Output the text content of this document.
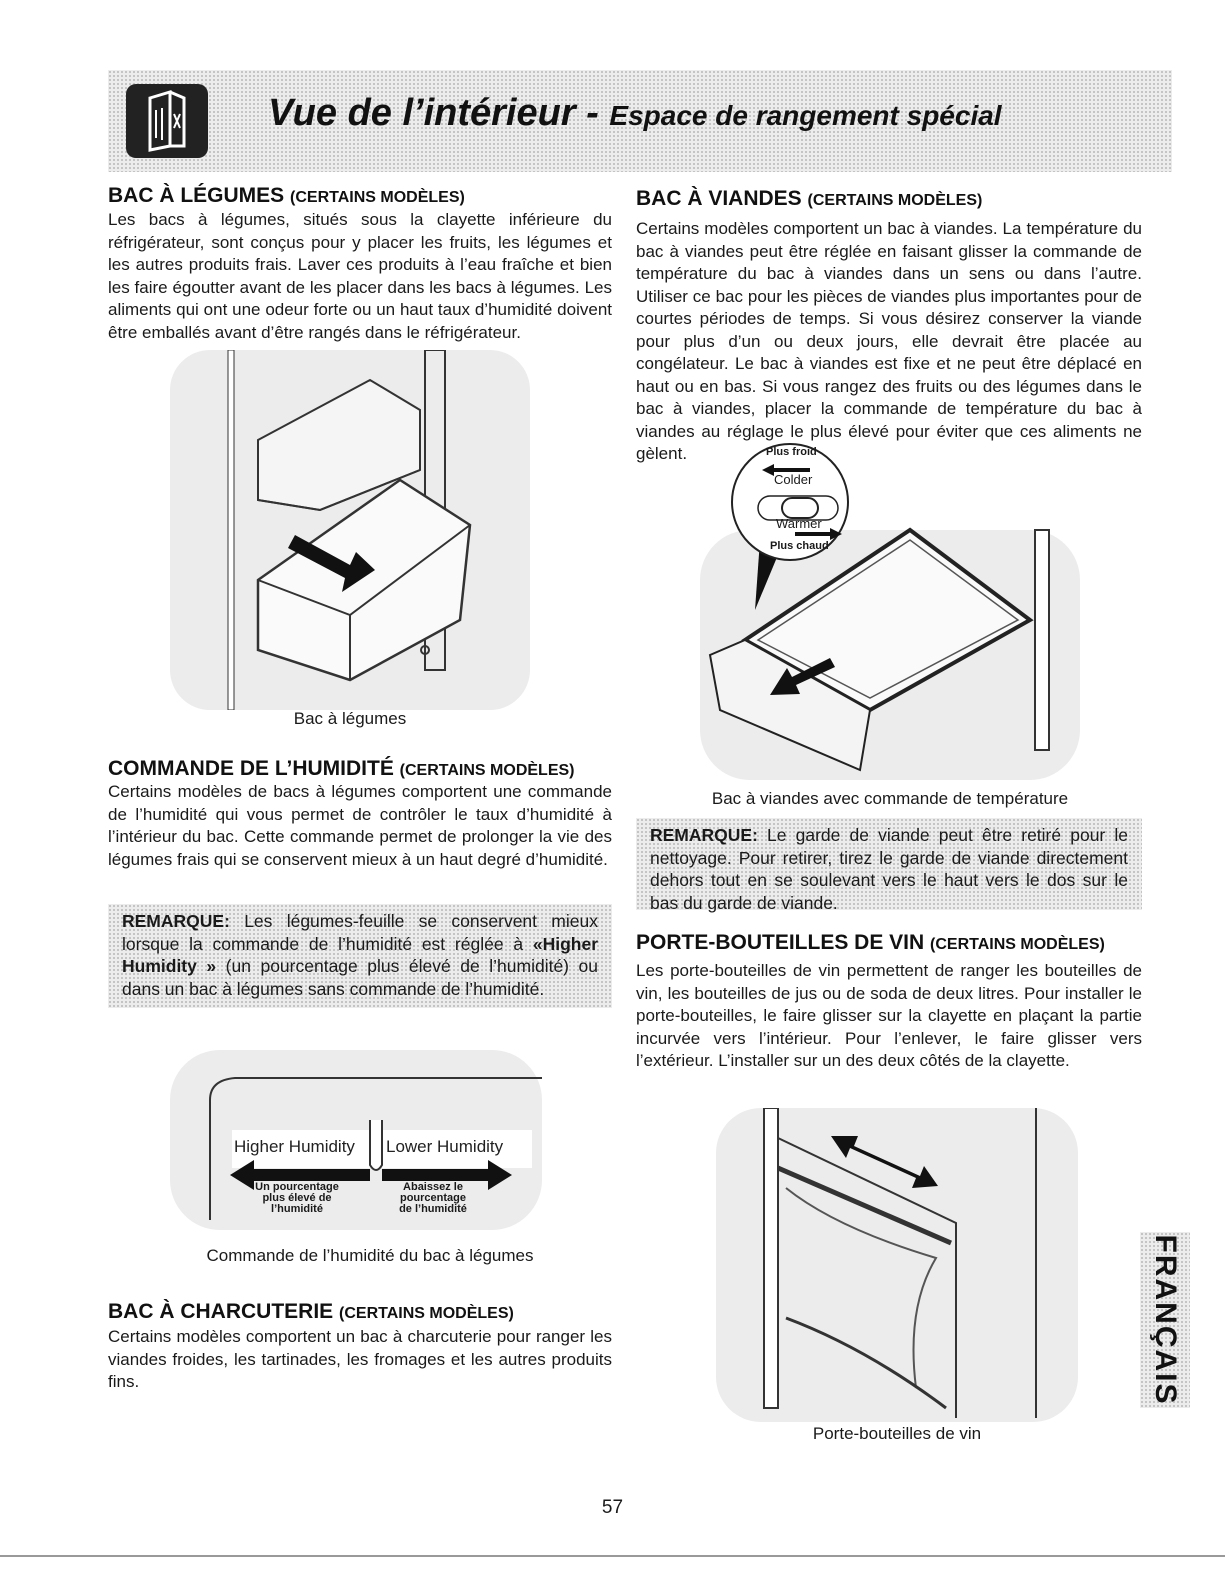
Vue de l’intérieur - Espace de rangement spécial
BAC À LÉGUMES (CERTAINS MODÈLES)

Les bacs à légumes, situés sous la clayette inférieure du réfrigérateur, sont conçus pour y placer les fruits, les légumes et les autres produits frais. Laver ces produits à l’eau fraîche et bien les faire égoutter avant de les placer dans les bacs à légumes. Les aliments qui ont une odeur forte ou un haut taux d’humidité doivent être emballés avant d’être rangés dans le réfrigérateur.

Bac à légumes

COMMANDE DE L’HUMIDITÉ (CERTAINS MODÈLES)

Certains modèles de bacs à légumes comportent une commande de l’humidité qui vous permet de contrôler le taux d’humidité à l’intérieur du bac. Cette commande permet de prolonger la vie des légumes frais qui se conservent mieux à un haut degré d’humidité.

REMARQUE: Les légumes-feuille se conservent mieux lorsque la commande de l’humidité est réglée à «Higher Humidity » (un pourcentage plus élevé de l’humidité) ou dans un bac à légumes sans commande de l’humidité.
Higher Humidity Lower Humidity
Un pourcentage
plus élevé de
l’humidité
Abaissez le
pourcentage
de l’humidité

Commande de l’humidité du bac à légumes

BAC À CHARCUTERIE (CERTAINS MODÈLES)

Certains modèles comportent un bac à charcuterie pour ranger les viandes froides, les tartinades, les fromages et les autres produits fins.

BAC À VIANDES (CERTAINS MODÈLES)

Certains modèles comportent un bac à viandes. La température du bac à viandes peut être réglée en faisant glisser la commande de température du bac à viandes dans un sens ou dans l’autre. Utiliser ce bac pour les pièces de viandes plus importantes pour de courtes périodes de temps. Si vous désirez conserver la viande pour plus d’un ou deux jours, elle devrait être placée au congélateur. Le bac à viandes est fixe et ne peut être déplacé en haut ou en bas. Si vous rangez des fruits ou des légumes dans le bac à viandes, placer la commande de température du bac à viandes au réglage le plus élevé pour éviter que ces aliments ne gèlent.	Plus froid
Colder
Warmer
Plus chaud

Bac à viandes avec commande de température

REMARQUE: Le garde de viande peut être retiré pour le nettoyage. Pour retirer, tirez le garde de viande directement dehors tout en se soulevant vers le haut vers le dos sur le bas du garde de viande.
PORTE-BOUTEILLES DE VIN (CERTAINS MODÈLES)

Les porte-bouteilles de vin permettent de ranger les bouteilles de vin, les bouteilles de jus ou de soda de deux litres. Pour installer le porte-bouteilles, le faire glisser sur la clayette en plaçant la partie incurvée vers l’intérieur. Pour l’enlever, le faire glisser vers l’extérieur. L’installer sur un des deux côtés de la clayette.

Porte-bouteilles de vin

FRANÇAIS
57
